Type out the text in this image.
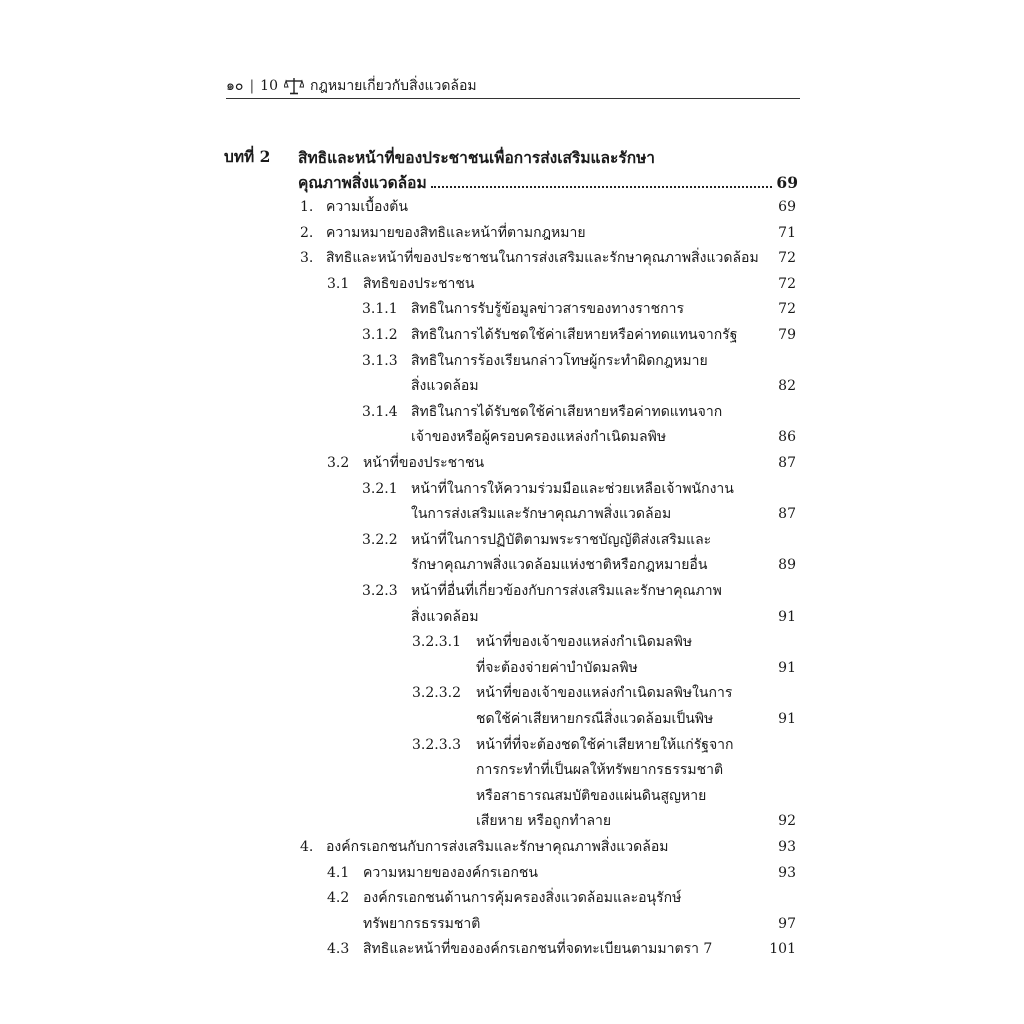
๑๐ | 10 กฎหมายเกี่ยวกับสิ่งแวดล้อม
บทที่ 2 สิทธิและหน้าที่ของประชาชนเพื่อการส่งเสริมและรักษา
คุณภาพสิ่งแวดล้อม	69
1. ความเบื้องต้น	69
2. ความหมายของสิทธิและหน้าที่ตามกฎหมาย	71
3. สิทธิและหน้าที่ของประชาชนในการส่งเสริมและรักษาคุณภาพสิ่งแวดล้อม	72
3.1 สิทธิของประชาชน	72
3.1.1 สิทธิในการรับรู้ข้อมูลข่าวสารของทางราชการ	72
3.1.2 สิทธิในการได้รับชดใช้ค่าเสียหายหรือค่าทดแทนจากรัฐ	79
3.1.3 สิทธิในการร้องเรียนกล่าวโทษผู้กระทำผิดกฎหมาย
สิ่งแวดล้อม	82
3.1.4 สิทธิในการได้รับชดใช้ค่าเสียหายหรือค่าทดแทนจาก
เจ้าของหรือผู้ครอบครองแหล่งกำเนิดมลพิษ	86
3.2 หน้าที่ของประชาชน	87
3.2.1 หน้าที่ในการให้ความร่วมมือและช่วยเหลือเจ้าพนักงาน
ในการส่งเสริมและรักษาคุณภาพสิ่งแวดล้อม	87
3.2.2 หน้าที่ในการปฏิบัติตามพระราชบัญญัติส่งเสริมและ
รักษาคุณภาพสิ่งแวดล้อมแห่งชาติหรือกฎหมายอื่น	89
3.2.3 หน้าที่อื่นที่เกี่ยวข้องกับการส่งเสริมและรักษาคุณภาพ
สิ่งแวดล้อม	91
3.2.3.1 หน้าที่ของเจ้าของแหล่งกำเนิดมลพิษ
ที่จะต้องจ่ายค่าบำบัดมลพิษ	91
3.2.3.2 หน้าที่ของเจ้าของแหล่งกำเนิดมลพิษในการ
ชดใช้ค่าเสียหายกรณีสิ่งแวดล้อมเป็นพิษ	91
3.2.3.3 หน้าที่ที่จะต้องชดใช้ค่าเสียหายให้แก่รัฐจาก
การกระทำที่เป็นผลให้ทรัพยากรธรรมชาติ
หรือสาธารณสมบัติของแผ่นดินสูญหาย
เสียหาย หรือถูกทำลาย	92
4. องค์กรเอกชนกับการส่งเสริมและรักษาคุณภาพสิ่งแวดล้อม	93
4.1 ความหมายขององค์กรเอกชน	93
4.2 องค์กรเอกชนด้านการคุ้มครองสิ่งแวดล้อมและอนุรักษ์
ทรัพยากรธรรมชาติ	97
4.3 สิทธิและหน้าที่ขององค์กรเอกชนที่จดทะเบียนตามมาตรา 7	101
